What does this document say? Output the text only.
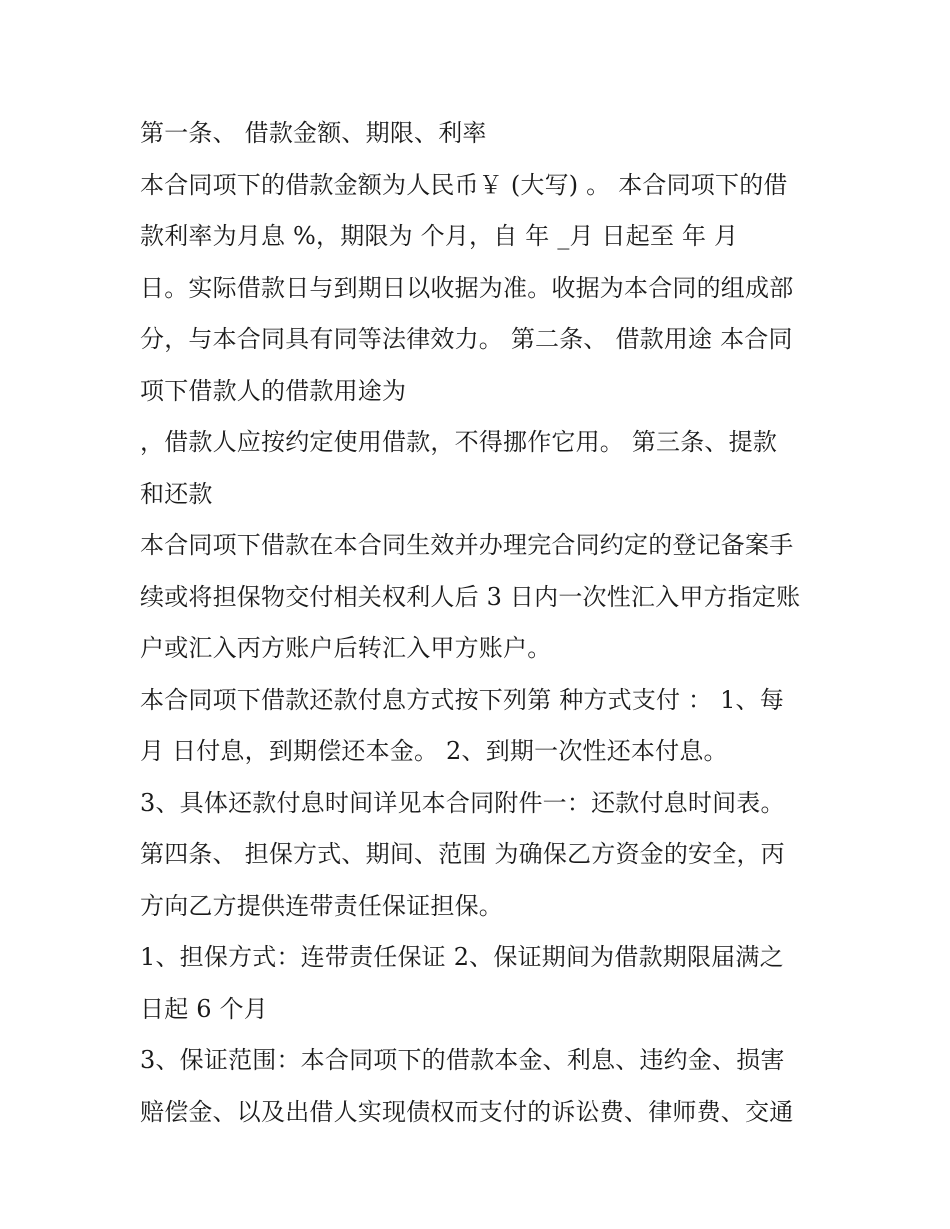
第一条、 借款金额、期限、利率
本合同项下的借款金额为人民币￥ (大写) 。 本合同项下的借
款利率为月息 %，期限为 个月，自 年 _月 日起至 年 月
日。实际借款日与到期日以收据为准。收据为本合同的组成部
分，与本合同具有同等法律效力。 第二条、 借款用途 本合同
项下借款人的借款用途为
，借款人应按约定使用借款，不得挪作它用。 第三条、提款
和还款
本合同项下借款在本合同生效并办理完合同约定的登记备案手
续或将担保物交付相关权利人后 3 日内一次性汇入甲方指定账
户或汇入丙方账户后转汇入甲方账户。
本合同项下借款还款付息方式按下列第 种方式支付 ： 1、每
月 日付息，到期偿还本金。 2、到期一次性还本付息。
3、具体还款付息时间详见本合同附件一：还款付息时间表。
第四条、 担保方式、期间、范围 为确保乙方资金的安全，丙
方向乙方提供连带责任保证担保。
1、担保方式：连带责任保证 2、保证期间为借款期限届满之
日起 6 个月
3、保证范围：本合同项下的借款本金、利息、违约金、损害
赔偿金、以及出借人实现债权而支付的诉讼费、律师费、交通
